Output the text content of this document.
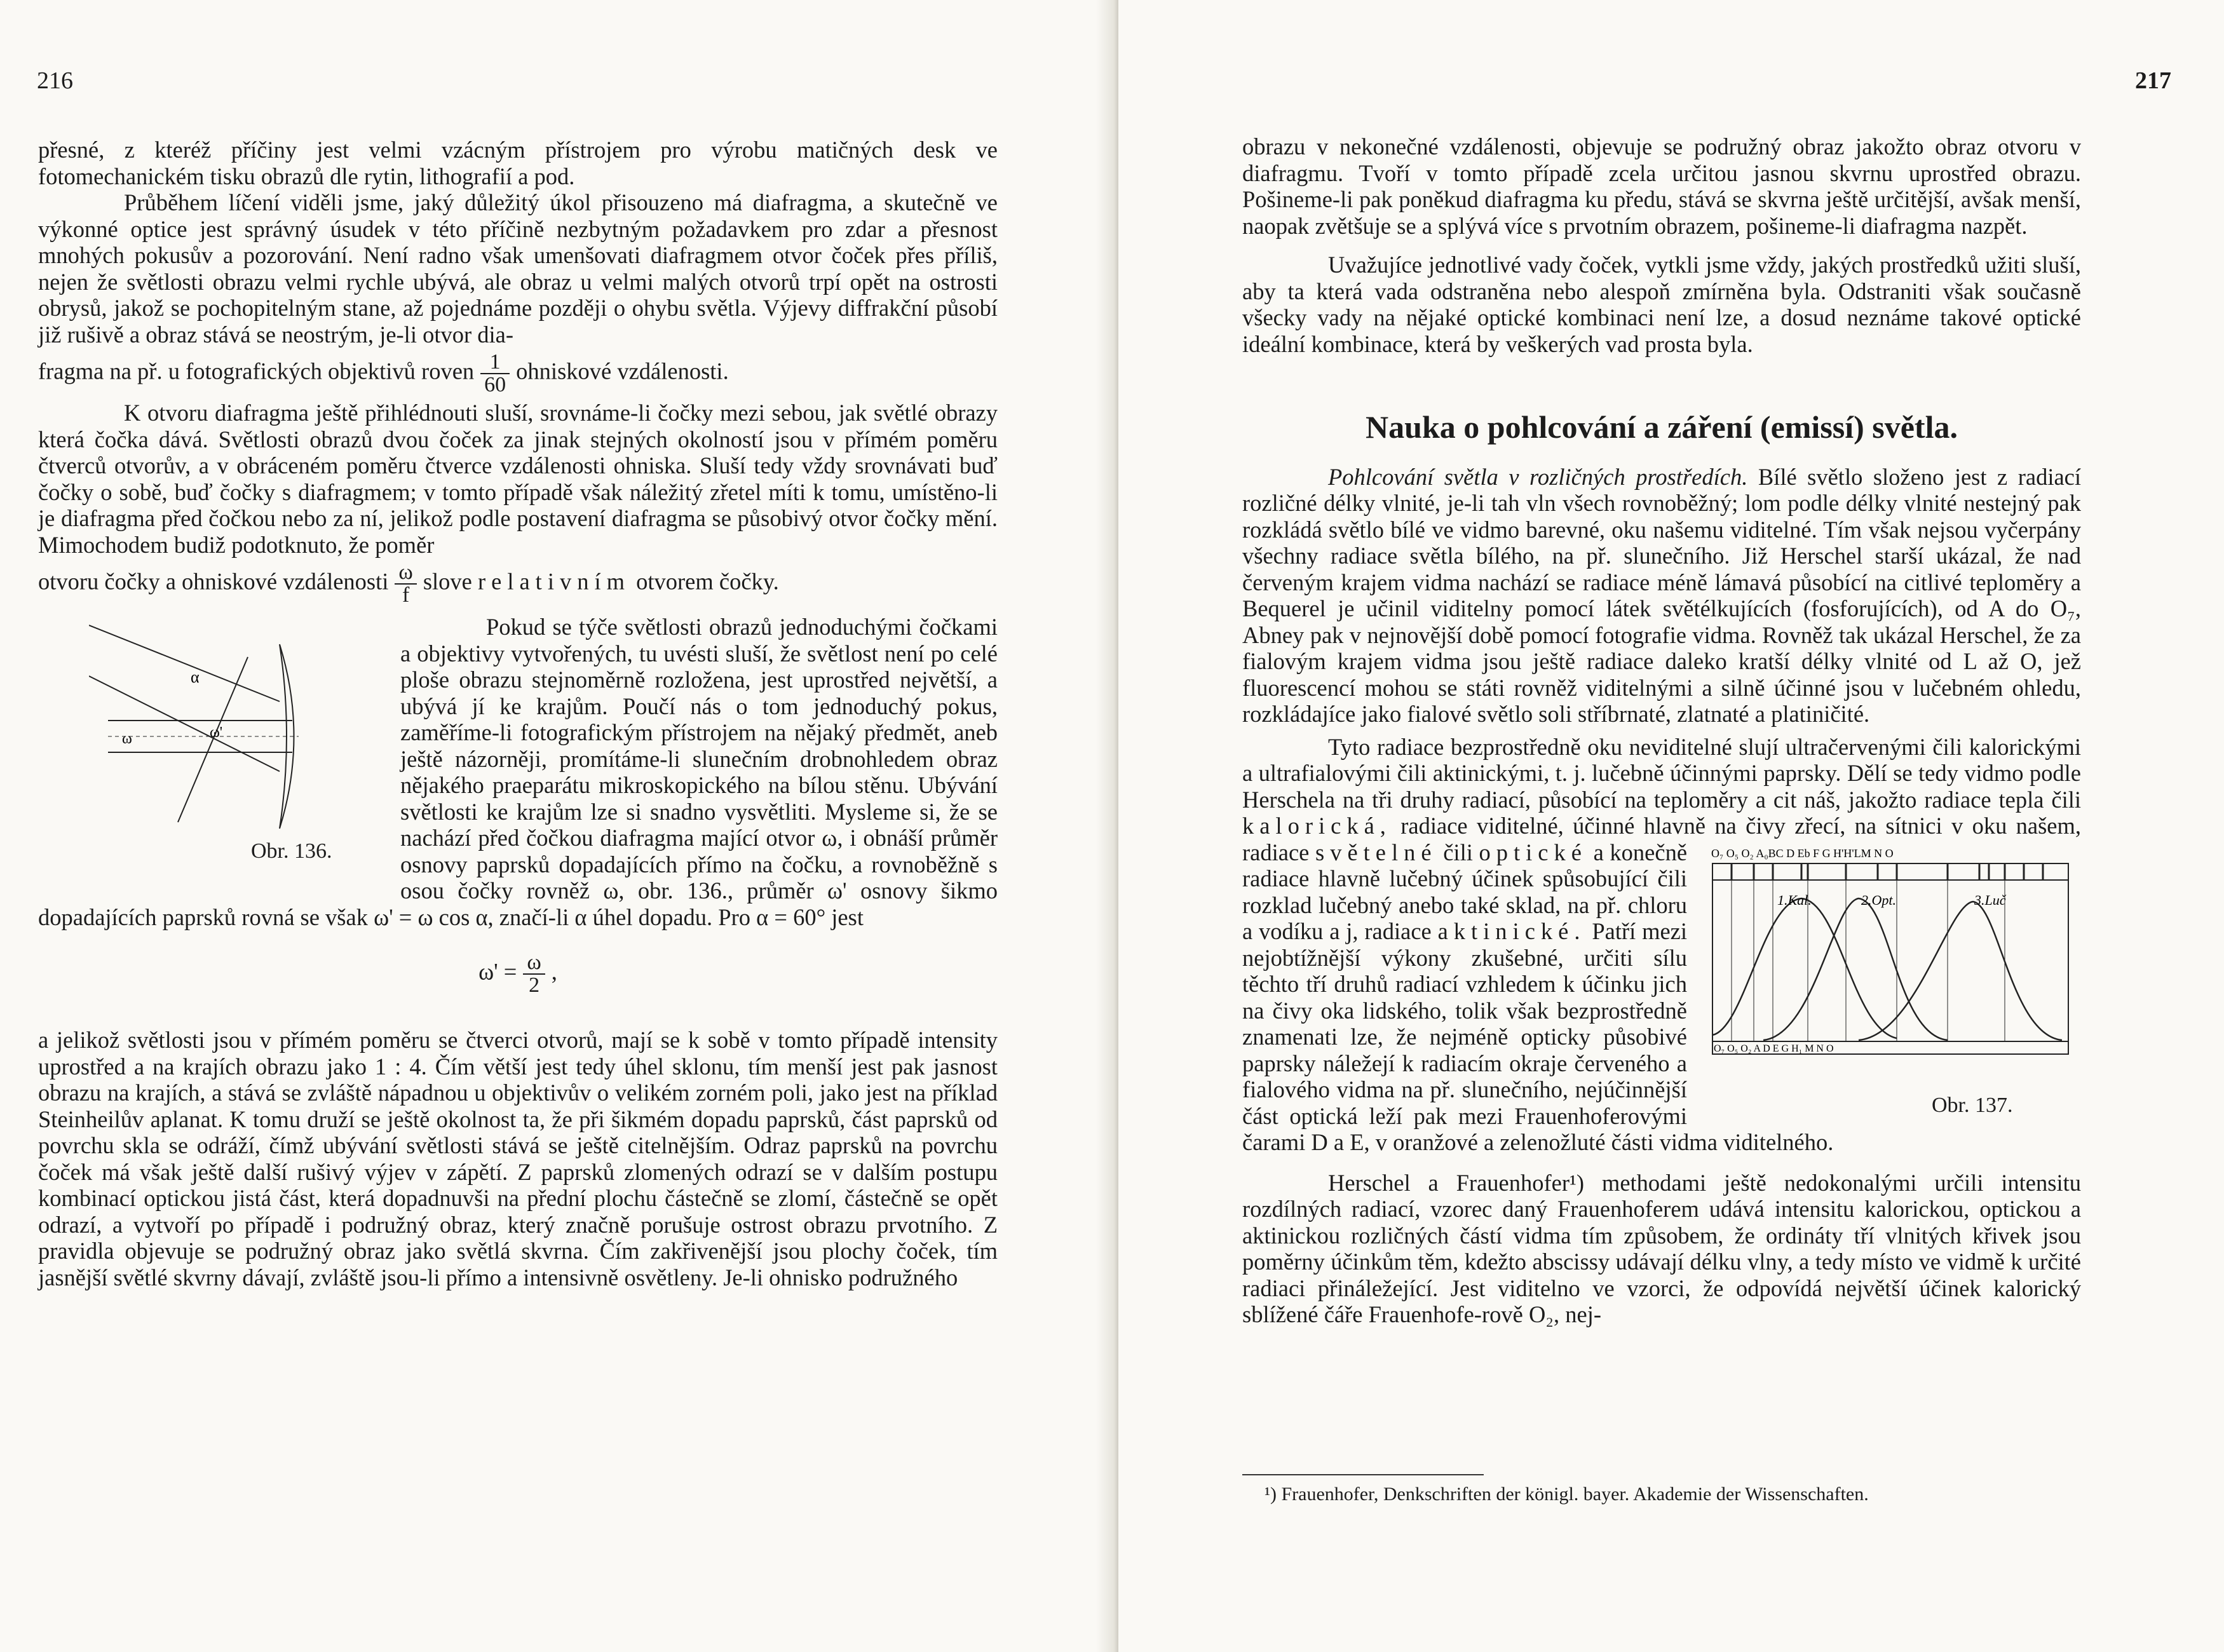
216

přesné, z kteréž příčiny jest velmi vzácným přístrojem pro výrobu matičných desk ve fotomechanickém tisku obrazů dle rytin, lithografií a pod.

Průběhem líčení viděli jsme, jaký důležitý úkol přisouzeno má diafragma, a skutečně ve výkonné optice jest správný úsudek v této příčině nezbytným požadavkem pro zdar a přesnost mnohých pokusův a pozorování. Není radno však umenšovati diafragmem otvor čoček přes příliš, nejen že světlosti obrazu velmi rychle ubývá, ale obraz u velmi malých otvorů trpí opět na ostrosti obrysů, jakož se pochopitelným stane, až pojednáme později o ohybu světla. Výjevy diffrakční působí již rušivě a obraz stává se neostrým, je-li otvor dia-

fragma na př. u fotografických objektivů roven $\frac{1}{60}$ ohniskové vzdálenosti.

K otvoru diafragma ještě přihlédnouti sluší, srovnáme-li čočky mezi sebou, jak světlé obrazy která čočka dává. Světlosti obrazů dvou čoček za jinak stejných okolností jsou v přímém poměru čtverců otvorův, a v obráceném poměru čtverce vzdálenosti ohniska. Sluší tedy vždy srovnávati buď čočky o sobě, buď čočky s diafragmem; v tomto případě však náležitý zřetel míti k tomu, umístěno-li je diafragma před čočkou nebo za ní, jelikož podle postavení diafragma se působivý otvor čočky mění. Mimochodem budiž podotknuto, že poměr

otvoru čočky a ohniskové vzdálenosti $\frac{\omega}{f}$ slove relativním otvorem čočky.

α
ω	ω'
Obr. 136.
Pokud se týče světlosti obrazů jednoduchými čočkami a objektivy vytvořených, tu uvésti sluší, že světlost není po celé ploše obrazu stejnoměrně rozložena, jest uprostřed největší, a ubývá jí ke krajům. Poučí nás o tom jednoduchý pokus, zaměříme-li fotografickým přístrojem na nějaký předmět, aneb ještě názorněji, promítáme-li slunečním drobnohledem obraz nějakého praeparátu mikroskopického na bílou stěnu. Ubývání světlosti ke krajům lze si snadno vysvětliti. Mysleme si, že se nachází před čočkou diafragma mající otvor ω, i obnáší průměr osnovy paprsků dopadajících přímo na čočku, a rovnoběžně s osou čočky rovněž ω, obr. 136., průměr ω' osnovy šikmo dopadajících paprsků rovná se však ω' = ω cos α, značí-li α úhel dopadu. Pro α = 60° jest

$\omega' = \frac{\omega}{2}$ ,

a jelikož světlosti jsou v přímém poměru se čtverci otvorů, mají se k sobě v tomto případě intensity uprostřed a na krajích obrazu jako 1 : 4. Čím větší jest tedy úhel sklonu, tím menší jest pak jasnost obrazu na krajích, a stává se zvláště nápadnou u objektivův o velikém zorném poli, jako jest na příklad Steinheilův aplanat. K tomu druží se ještě okolnost ta, že při šikmém dopadu paprsků, část paprsků od povrchu skla se odráží, čímž ubývání světlosti stává se ještě citelnějším. Odraz paprsků na povrchu čoček má však ještě další rušivý výjev v zápětí. Z paprsků zlomených odrazí se v dalším postupu kombinací optickou jistá část, která dopadnuvši na přední plochu částečně se zlomí, částečně se opět odrazí, a vytvoří po případě i podružný obraz, který značně porušuje ostrost obrazu prvotního. Z pravidla objevuje se podružný obraz jako světlá skvrna. Čím zakřivenější jsou plochy čoček, tím jasnější světlé skvrny dávají, zvláště jsou-li přímo a intensivně osvětleny. Je-li ohnisko podružného

217

obrazu v nekonečné vzdálenosti, objevuje se podružný obraz jakožto obraz otvoru v diafragmu. Tvoří v tomto případě zcela určitou jasnou skvrnu uprostřed obrazu. Pošineme-li pak poněkud diafragma ku předu, stává se skvrna ještě určitější, avšak menší, naopak zvětšuje se a splývá více s prvotním obrazem, pošineme-li diafragma nazpět.

Uvažujíce jednotlivé vady čoček, vytkli jsme vždy, jakých prostředků užiti sluší, aby ta která vada odstraněna nebo alespoň zmírněna byla. Odstraniti však současně všecky vady na nějaké optické kombinaci není lze, a dosud neznáme takové optické ideální kombinace, která by veškerých vad prosta byla.

Nauka o pohlcování a záření (emissí) světla.

Pohlcování světla v rozličných prostředích. Bílé světlo složeno jest z radiací rozličné délky vlnité, je-li tah vln všech rovnoběžný; lom podle délky vlnité nestejný pak rozkládá světlo bílé ve vidmo barevné, oku našemu viditelné. Tím však nejsou vyčerpány všechny radiace světla bílého, na př. slunečního. Již Herschel starší ukázal, že nad červeným krajem vidma nachází se radiace méně lámavá působící na citlivé teploměry a Bequerel je učinil viditelny pomocí látek světélkujících (fosforujících), od A do O₇, Abney pak v nejnovější době pomocí fotografie vidma. Rovněž tak ukázal Herschel, že za fialovým krajem vidma jsou ještě radiace daleko kratší délky vlnité od L až O, jež fluorescencí mohou se státi rovněž viditelnými a silně účinné jsou v lučebném ohledu, rozkládajíce jako fialové světlo soli stříbrnaté, zlatnaté a platiničité.

Tyto radiace bezprostředně oku neviditelné slují ultračervenými čili kalorickými a ultrafialovými čili aktinickými, t. j. lučebně účinnými paprsky. Dělí se tedy vidmo podle Herschela na tři druhy radiací, působící na teploměry a cit náš, jakožto radiace tepla čili kalorická, radiace viditelné, účinné hlavně na čivy zřecí, na sítnici v oku našem, radiace světelné čili	O₇ O₅ O₂ A₀BC D Eb F G H'H'LM N O
1.Kal.	2.Opt.	3.Luč
O₇ O₅ O₂ A D E G H₁ M N O
Obr. 137.
optické a konečně radiace hlavně lučebný účinek spůsobující čili rozklad lučebný anebo také sklad, na př. chloru a vodíku a j, radiace aktinické. Patří mezi nejobtížnější výkony zkušebné, určiti sílu těchto tří druhů radiací vzhledem k účinku jich na čivy oka lidského, tolik však bezprostředně znamenati lze, že nejméně opticky působivé paprsky náležejí k radiacím okraje červeného a fialového vidma na př. slunečního, nejúčinnější část optická leží pak mezi Frauenhoferovými čarami D a E, v oranžové a zelenožluté části vidma viditelného.

Herschel a Frauenhofer¹) methodami ještě nedokonalými určili intensitu rozdílných radiací, vzorec daný Frauenhoferem udává intensitu kalorickou, optickou a aktinickou rozličných částí vidma tím způsobem, že ordináty tří vlnitých křivek jsou poměrny účinkům těm, kdežto abscissy udávají délku vlny, a tedy místo ve vidmě k určité radiaci přináležející. Jest viditelno ve vzorci, že odpovídá největší účinek kalorický sblížené čáře Frauenhofe-rově O₂, nej-

¹) Frauenhofer, Denkschriften der königl. bayer. Akademie der Wissenschaften.
